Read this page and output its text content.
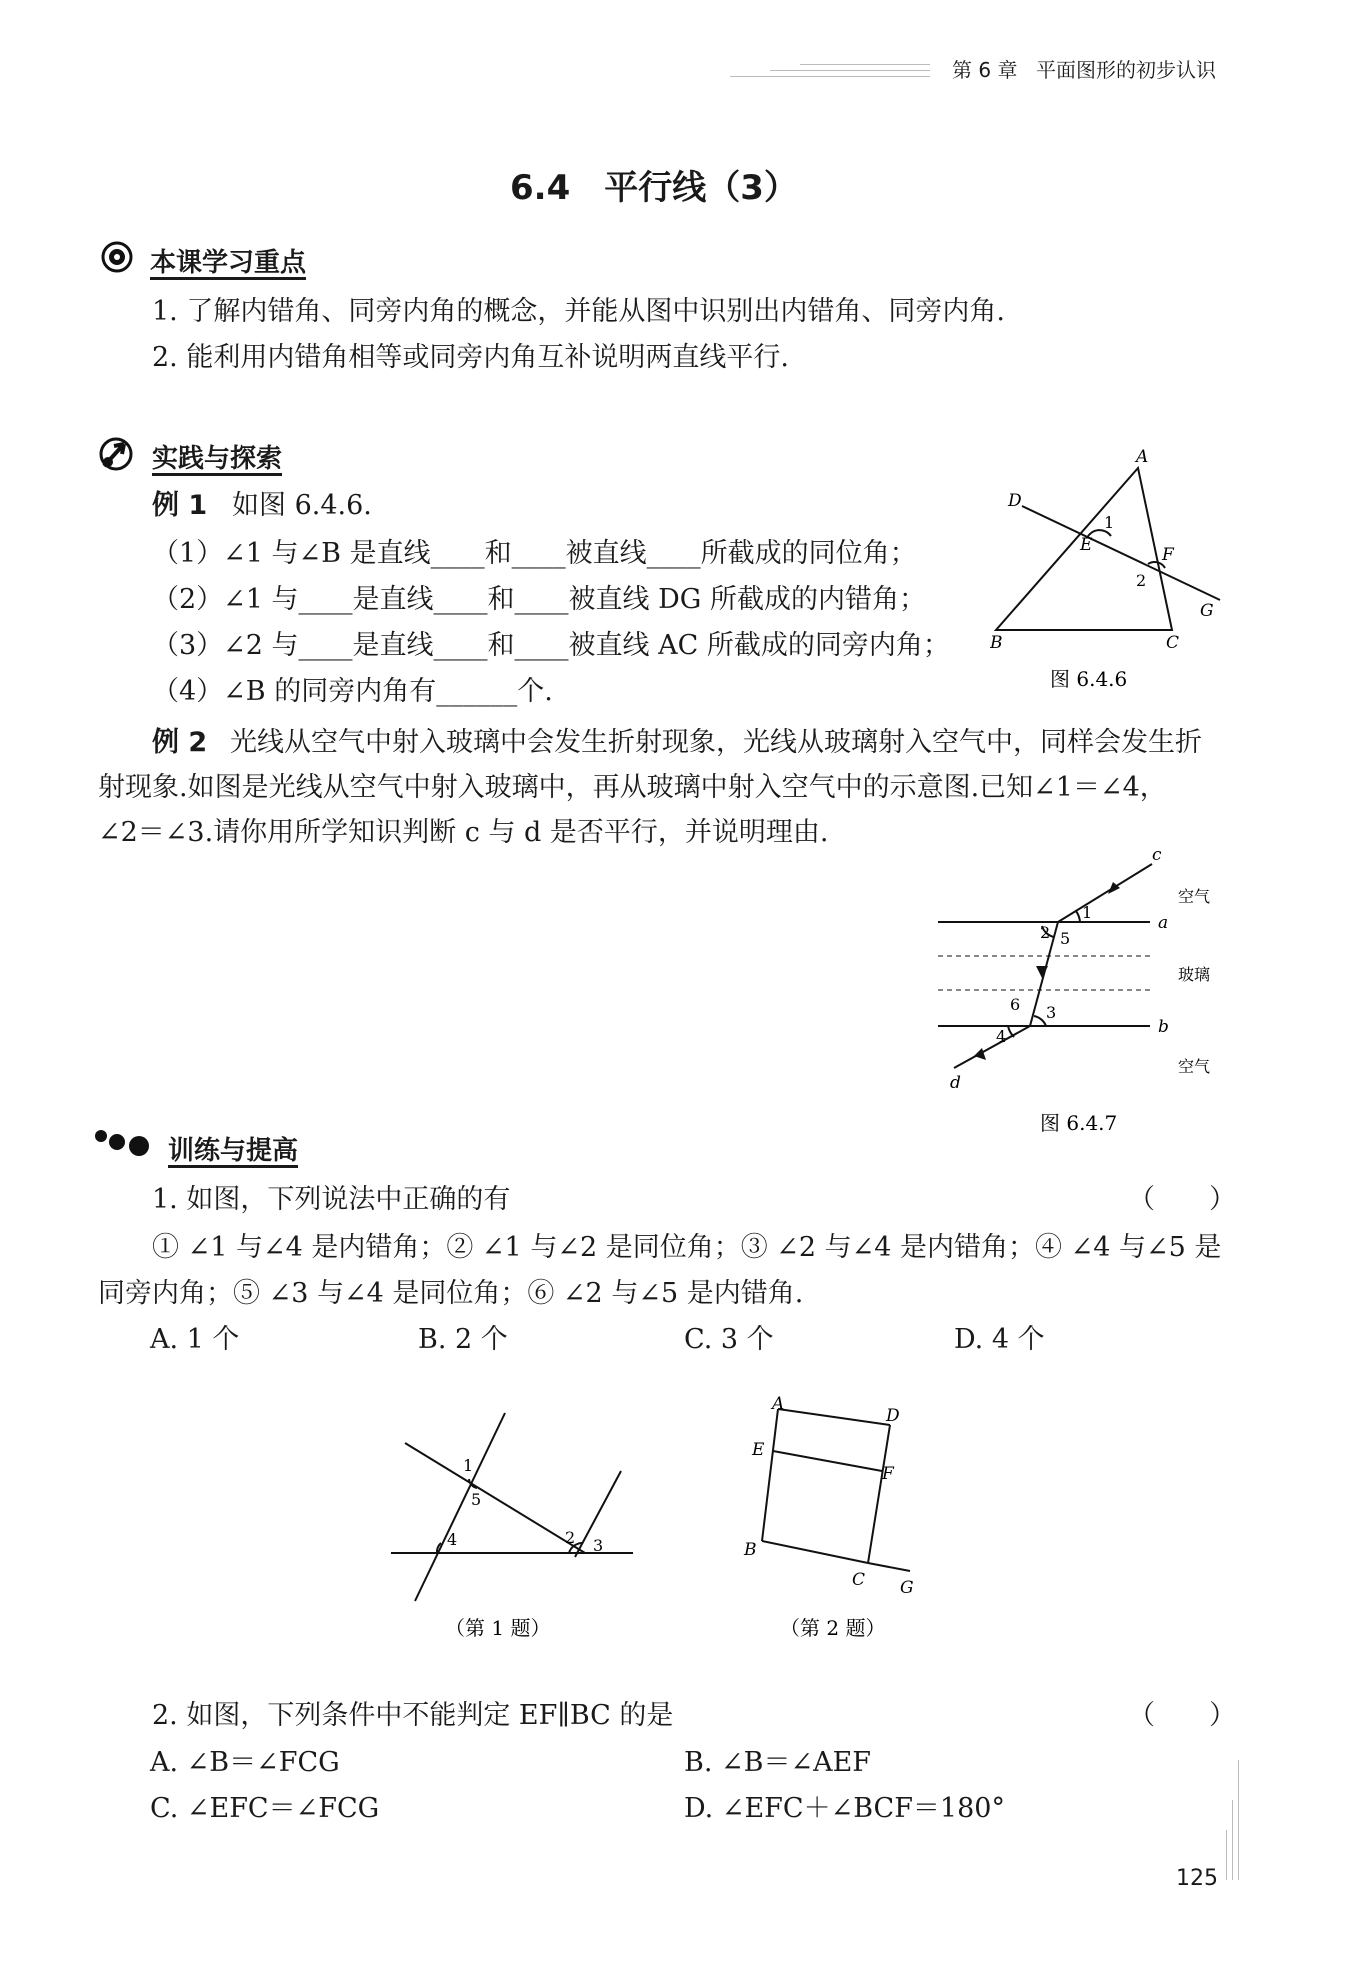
第 6 章 平面图形的初步认识
6.4　平行线（3）
本课学习重点
1. 了解内错角、同旁内角的概念，并能从图中识别出内错角、同旁内角.
2. 能利用内错角相等或同旁内角互补说明两直线平行.
实践与探索
例 1 如图 6.4.6.
（1）∠1 与∠B 是直线____和____被直线____所截成的同位角；
（2）∠1 与____是直线____和____被直线 DG 所截成的内错角；
（3）∠2 与____是直线____和____被直线 AC 所截成的同旁内角；
（4）∠B 的同旁内角有______个.
A
B	C
D
E	F
G
1
2
图 6.4.6
例 2 光线从空气中射入玻璃中会发生折射现象，光线从玻璃射入空气中，同样会发生折
射现象.如图是光线从空气中射入玻璃中，再从玻璃中射入空气中的示意图.已知∠1＝∠4，
∠2＝∠3.请你用所学知识判断 c 与 d 是否平行，并说明理由.
c
d
a
b
1
2
3
4
5
6
空气
玻璃
空气
图 6.4.7
训练与提高
1. 如图，下列说法中正确的有	（　　）
① ∠1 与∠4 是内错角；② ∠1 与∠2 是同位角；③ ∠2 与∠4 是内错角；④ ∠4 与∠5 是
同旁内角；⑤ ∠3 与∠4 是同位角；⑥ ∠2 与∠5 是内错角.
A. 1 个	B. 2 个	C. 3 个	D. 4 个
1
2 3
4
5
（第 1 题）
A
B
C
D
E
F
G
（第 2 题）
2. 如图，下列条件中不能判定 EF∥BC 的是	（　　）
A. ∠B＝∠FCG	B. ∠B＝∠AEF
C. ∠EFC＝∠FCG	D. ∠EFC＋∠BCF＝180°
125
